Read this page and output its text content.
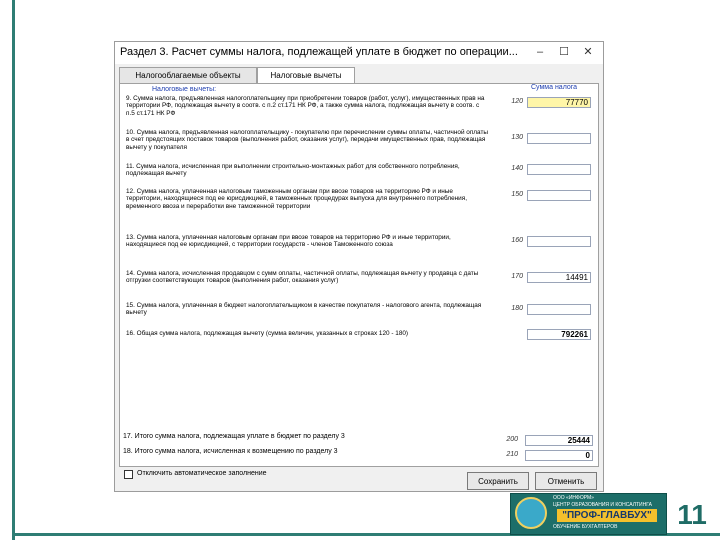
Раздел 3. Расчет суммы налога, подлежащей уплате в бюджет по операции...	–	☐	✕
Налогооблагаемые объекты	Налоговые вычеты
Налоговые вычеты:	Сумма налога
9. Сумма налога, предъявленная налогоплательщику при приобретении товаров (работ, услуг), имущественных прав на территории РФ, подлежащая вычету в соотв. с п.2 ст.171 НК РФ, а также сумма налога, подлежащая вычету в соотв. с п.5 ст.171 НК РФ
120	77770
10. Сумма налога, предъявленная налогоплательщику - покупателю при перечислении суммы оплаты, частичной оплаты в счет предстоящих поставок товаров (выполнения работ, оказания услуг), передачи имущественных прав, подлежащая вычету у покупателя
130
11. Сумма налога, исчисленная при выполнении строительно-монтажных работ для собственного потребления, подлежащая вычету
140
12. Сумма налога, уплаченная налоговым таможенным органам при ввозе товаров на территорию РФ и иные территории, находящиеся под ее юрисдикцией, в таможенных процедурах выпуска для внутреннего потребления, временного ввоза и переработки вне таможенной территории
150
13. Сумма налога, уплаченная налоговым органам при ввозе товаров на территорию РФ и иные территории, находящиеся под ее юрисдикцией, с территории государств - членов Таможенного союза
160
14. Сумма налога, исчисленная продавцом с сумм оплаты, частичной оплаты, подлежащая вычету у продавца с даты отгрузки соответствующих товаров (выполнения работ, оказания услуг)
170	14491
15. Сумма налога, уплаченная в бюджет налогоплательщиком в качестве покупателя - налогового агента, подлежащая вычету
180
16. Общая сумма налога, подлежащая вычету (сумма величин, указанных в строках 120 - 180)	792261
17. Итого сумма налога, подлежащая уплате в бюджет по разделу 3	200	25444
18. Итого сумма налога, исчисленная к возмещению по разделу 3	210	0
Отключить автоматическое заполнение
Сохранить	Отменить
ООО «ИНФОРМ»
ЦЕНТР ОБРАЗОВАНИЯ И КОНСАЛТИНГА
"ПРОФ-ГЛАВБУХ"
ОБУЧЕНИЕ БУХГАЛТЕРОВ	11
